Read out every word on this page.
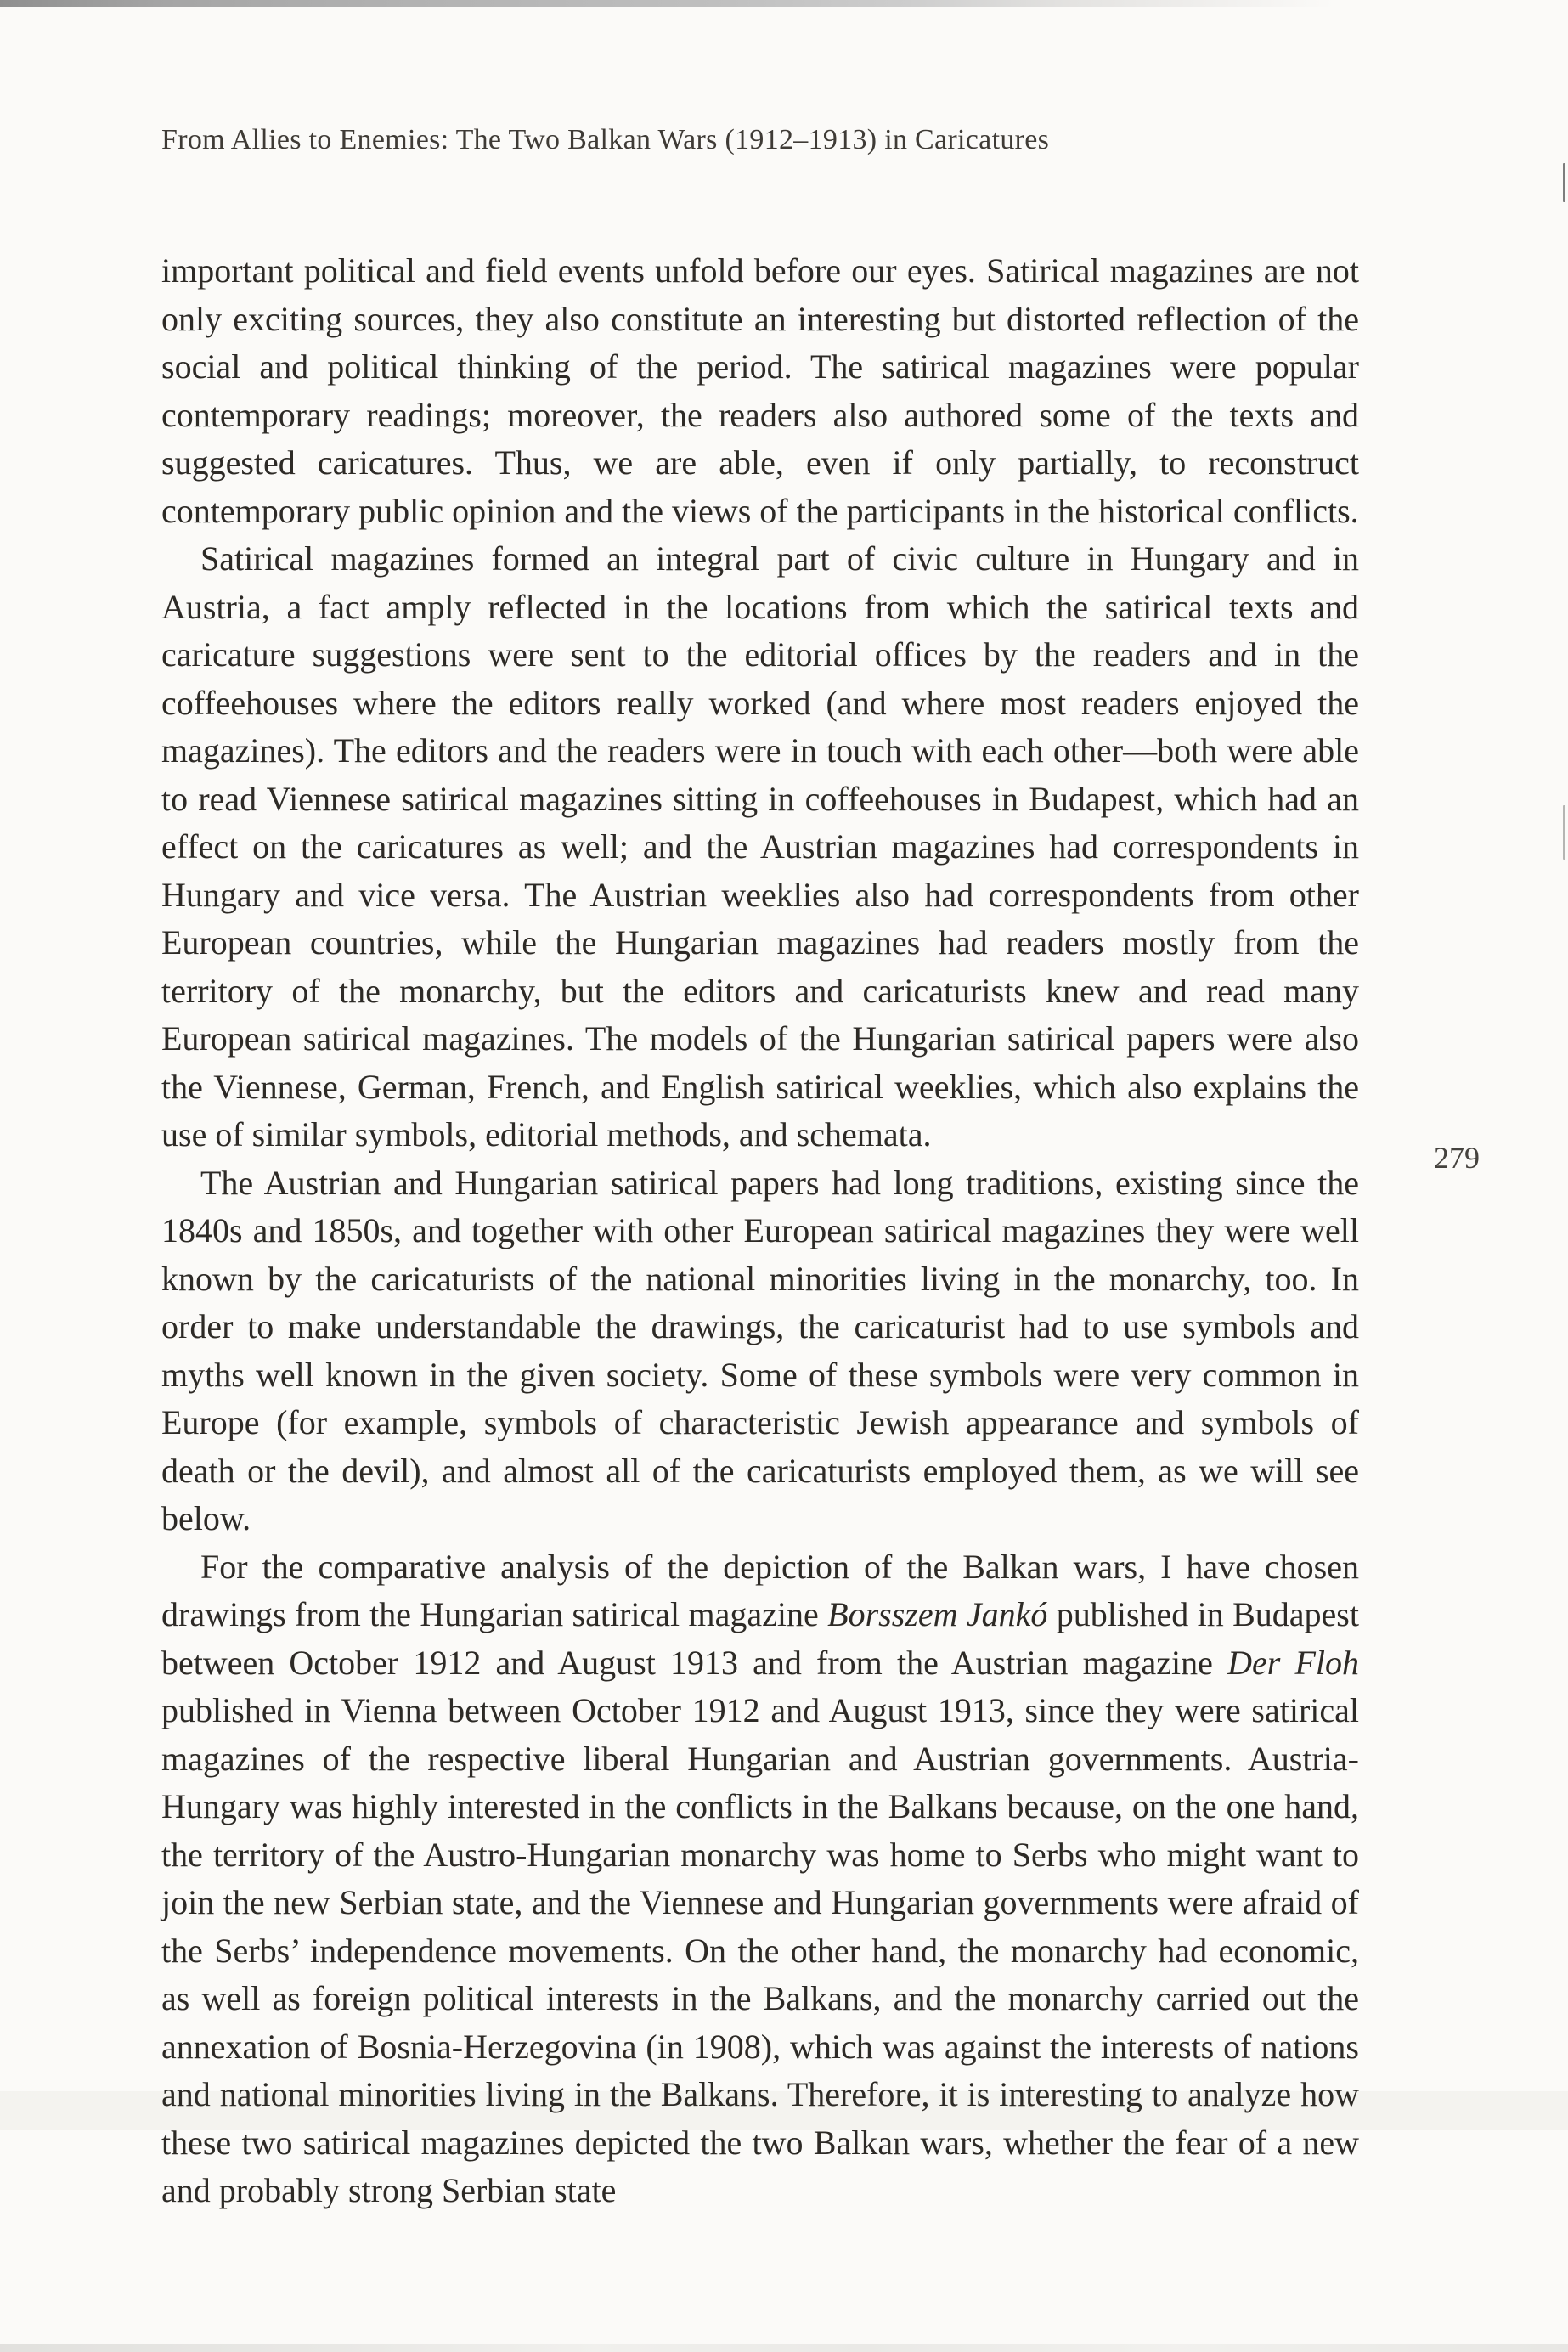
From Allies to Enemies: The Two Balkan Wars (1912–1913) in Caricatures

important political and field events unfold before our eyes. Satirical magazines are not only exciting sources, they also constitute an interesting but distorted reflection of the social and political thinking of the period. The satirical magazines were popular contemporary readings; moreover, the readers also authored some of the texts and suggested caricatures. Thus, we are able, even if only partially, to reconstruct contemporary public opinion and the views of the participants in the historical conflicts.

Satirical magazines formed an integral part of civic culture in Hungary and in Austria, a fact amply reflected in the locations from which the satirical texts and caricature suggestions were sent to the editorial offices by the readers and in the coffeehouses where the editors really worked (and where most readers enjoyed the magazines). The editors and the readers were in touch with each other—both were able to read Viennese satirical magazines sitting in coffeehouses in Budapest, which had an effect on the caricatures as well; and the Austrian magazines had correspondents in Hungary and vice versa. The Austrian weeklies also had correspondents from other European countries, while the Hungarian magazines had readers mostly from the territory of the monarchy, but the editors and caricaturists knew and read many European satirical magazines. The models of the Hungarian satirical papers were also the Viennese, German, French, and English satirical weeklies, which also explains the use of similar symbols, editorial methods, and schemata.

The Austrian and Hungarian satirical papers had long traditions, existing since the 1840s and 1850s, and together with other European satirical magazines they were well known by the caricaturists of the national minorities living in the monarchy, too. In order to make understandable the drawings, the caricaturist had to use symbols and myths well known in the given society. Some of these symbols were very common in Europe (for example, symbols of characteristic Jewish appearance and symbols of death or the devil), and almost all of the caricaturists employed them, as we will see below.

For the comparative analysis of the depiction of the Balkan wars, I have chosen drawings from the Hungarian satirical magazine Borsszem Jankó published in Budapest between October 1912 and August 1913 and from the Austrian magazine Der Floh published in Vienna between October 1912 and August 1913, since they were satirical magazines of the respective liberal Hungarian and Austrian governments. Austria-Hungary was highly interested in the conflicts in the Balkans because, on the one hand, the territory of the Austro-Hungarian monarchy was home to Serbs who might want to join the new Serbian state, and the Viennese and Hungarian governments were afraid of the Serbs’ independence movements. On the other hand, the monarchy had economic, as well as foreign political interests in the Balkans, and the monarchy carried out the annexation of Bosnia-Herzegovina (in 1908), which was against the interests of nations and national minorities living in the Balkans. Therefore, it is interesting to analyze how these two satirical magazines depicted the two Balkan wars, whether the fear of a new and probably strong Serbian state

279
